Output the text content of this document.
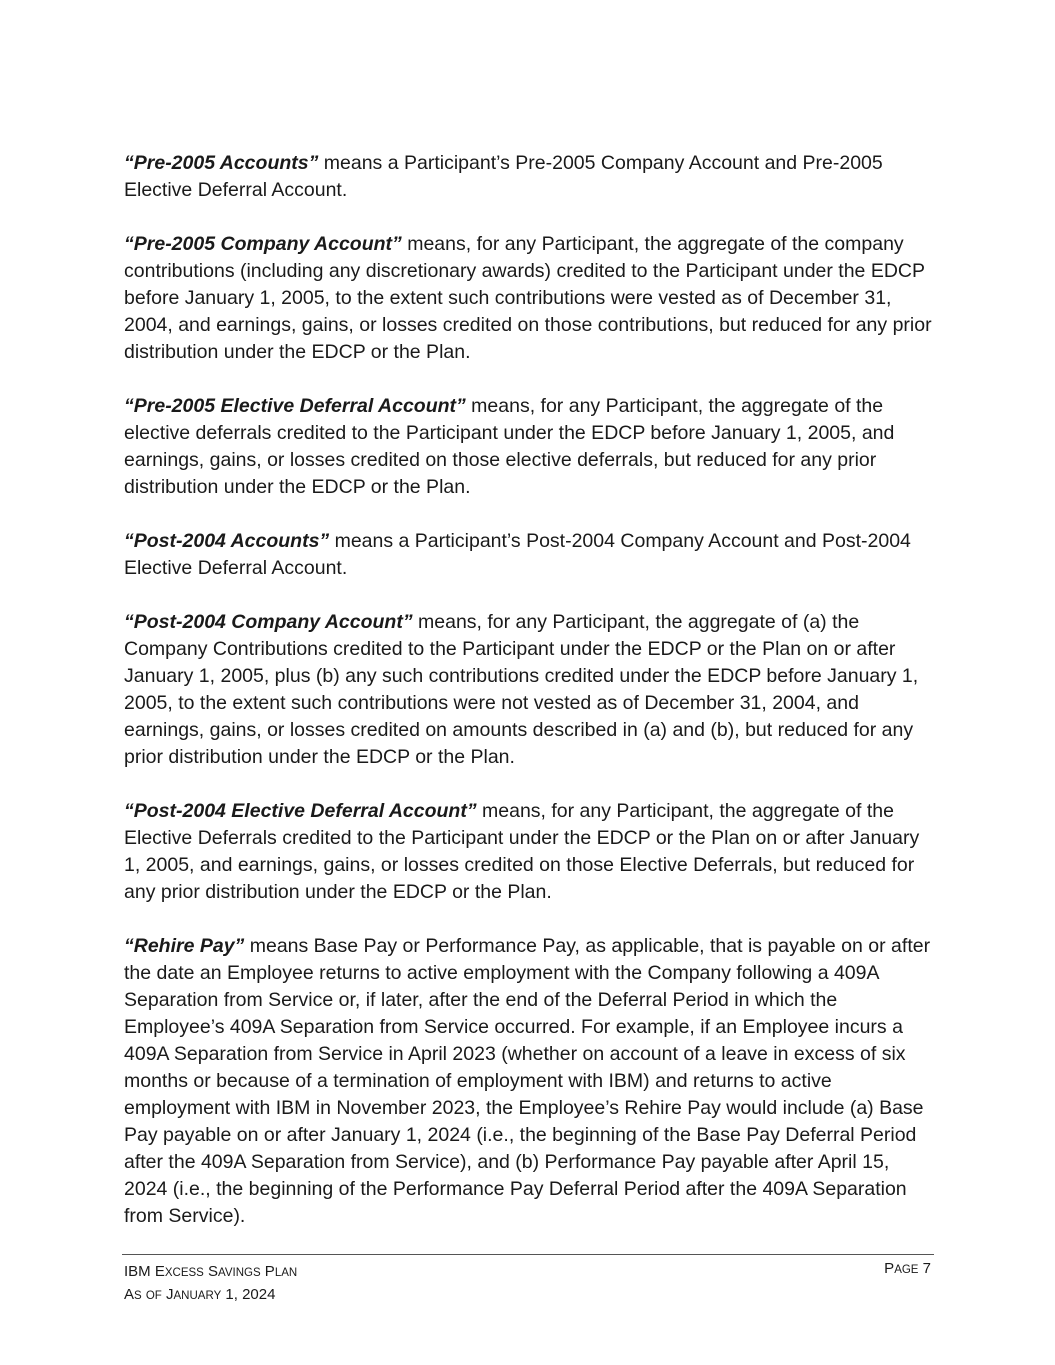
“Pre-2005 Accounts” means a Participant’s Pre-2005 Company Account and Pre-2005 Elective Deferral Account.

“Pre-2005 Company Account” means, for any Participant, the aggregate of the company contributions (including any discretionary awards) credited to the Participant under the EDCP before January 1, 2005, to the extent such contributions were vested as of December 31, 2004, and earnings, gains, or losses credited on those contributions, but reduced for any prior distribution under the EDCP or the Plan.

“Pre-2005 Elective Deferral Account” means, for any Participant, the aggregate of the elective deferrals credited to the Participant under the EDCP before January 1, 2005, and earnings, gains, or losses credited on those elective deferrals, but reduced for any prior distribution under the EDCP or the Plan.

“Post-2004 Accounts” means a Participant’s Post-2004 Company Account and Post-2004 Elective Deferral Account.

“Post-2004 Company Account” means, for any Participant, the aggregate of (a) the Company Contributions credited to the Participant under the EDCP or the Plan on or after January 1, 2005, plus (b) any such contributions credited under the EDCP before January 1, 2005, to the extent such contributions were not vested as of December 31, 2004, and earnings, gains, or losses credited on amounts described in (a) and (b), but reduced for any prior distribution under the EDCP or the Plan.

“Post-2004 Elective Deferral Account” means, for any Participant, the aggregate of the Elective Deferrals credited to the Participant under the EDCP or the Plan on or after January 1, 2005, and earnings, gains, or losses credited on those Elective Deferrals, but reduced for any prior distribution under the EDCP or the Plan.

“Rehire Pay” means Base Pay or Performance Pay, as applicable, that is payable on or after the date an Employee returns to active employment with the Company following a 409A Separation from Service or, if later, after the end of the Deferral Period in which the Employee’s 409A Separation from Service occurred. For example, if an Employee incurs a 409A Separation from Service in April 2023 (whether on account of a leave in excess of six months or because of a termination of employment with IBM) and returns to active employment with IBM in November 2023, the Employee’s Rehire Pay would include (a) Base Pay payable on or after January 1, 2024 (i.e., the beginning of the Base Pay Deferral Period after the 409A Separation from Service), and (b) Performance Pay payable after April 15, 2024 (i.e., the beginning of the Performance Pay Deferral Period after the 409A Separation from Service).

IBM EXCESS SAVINGS PLAN
AS OF JANUARY 1, 2024
PAGE 7
